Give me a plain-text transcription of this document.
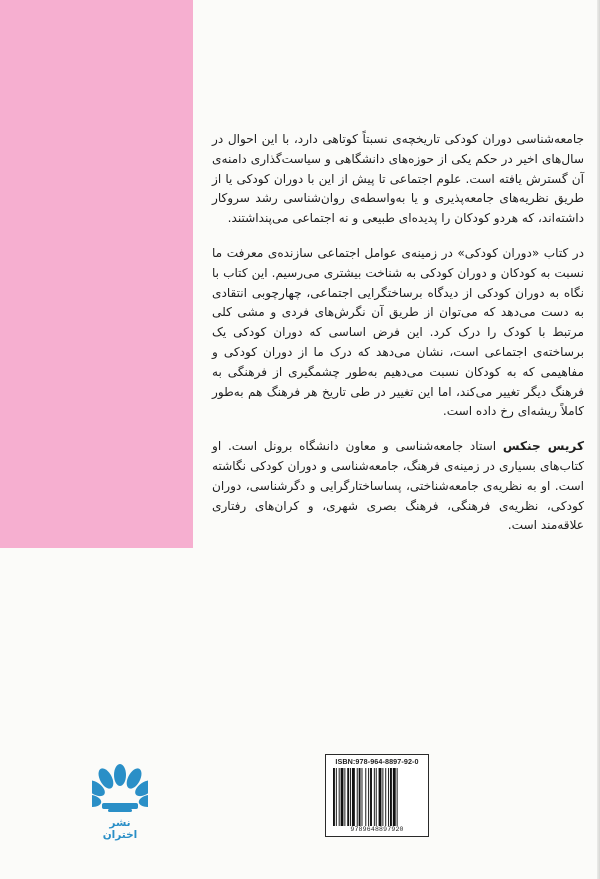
جامعه‌شناسی دوران کودکی تاریخچه‌ی نسبتاً کوتاهی دارد، با این احوال در سال‌های اخیر در حکم یکی از حوزه‌های دانشگاهی و سیاست‌گذاری دامنه‌ی آن گسترش یافته است. علوم اجتماعی تا پیش از این با دوران کودکی یا از طریق نظریه‌های جامعه‌پذیری و یا به‌واسطه‌ی روان‌شناسی رشد سروکار داشته‌اند، که هردو کودکان را پدیده‌ای طبیعی و نه اجتماعی می‌پنداشتند.

در کتاب «دوران کودکی» در زمینه‌ی عوامل اجتماعی سازنده‌ی معرفت ما نسبت به کودکان و دوران کودکی به شناخت بیشتری می‌رسیم. این کتاب با نگاه به دوران کودکی از دیدگاه برساختگرایی اجتماعی، چهارچوبی انتقادی به دست می‌دهد که می‌توان از طریق آن نگرش‌های فردی و مشی کلی مرتبط با کودک را درک کرد. این فرض اساسی که دوران کودکی یک برساخته‌ی اجتماعی است، نشان می‌دهد که درک ما از دوران کودکی و مفاهیمی که به کودکان نسبت می‌دهیم به‌طور چشمگیری از فرهنگی به فرهنگ دیگر تغییر می‌کند، اما این تغییر در طی تاریخ هر فرهنگ هم به‌طور کاملاً ریشه‌ای رخ داده است.

کریس جنکس استاد جامعه‌شناسی و معاون دانشگاه برونل است. او کتاب‌های بسیاری در زمینه‌ی فرهنگ، جامعه‌شناسی و دوران کودکی نگاشته است. او به نظریه‌ی جامعه‌شناختی، پسا‌ساختارگرایی و دگرشناسی، دوران کودکی، نظریه‌ی فرهنگی، فرهنگ بصری شهری، و کران‌های رفتاری علاقه‌مند است.

نشر اختران
ISBN:978-964-8897-92-0
9789648897920
